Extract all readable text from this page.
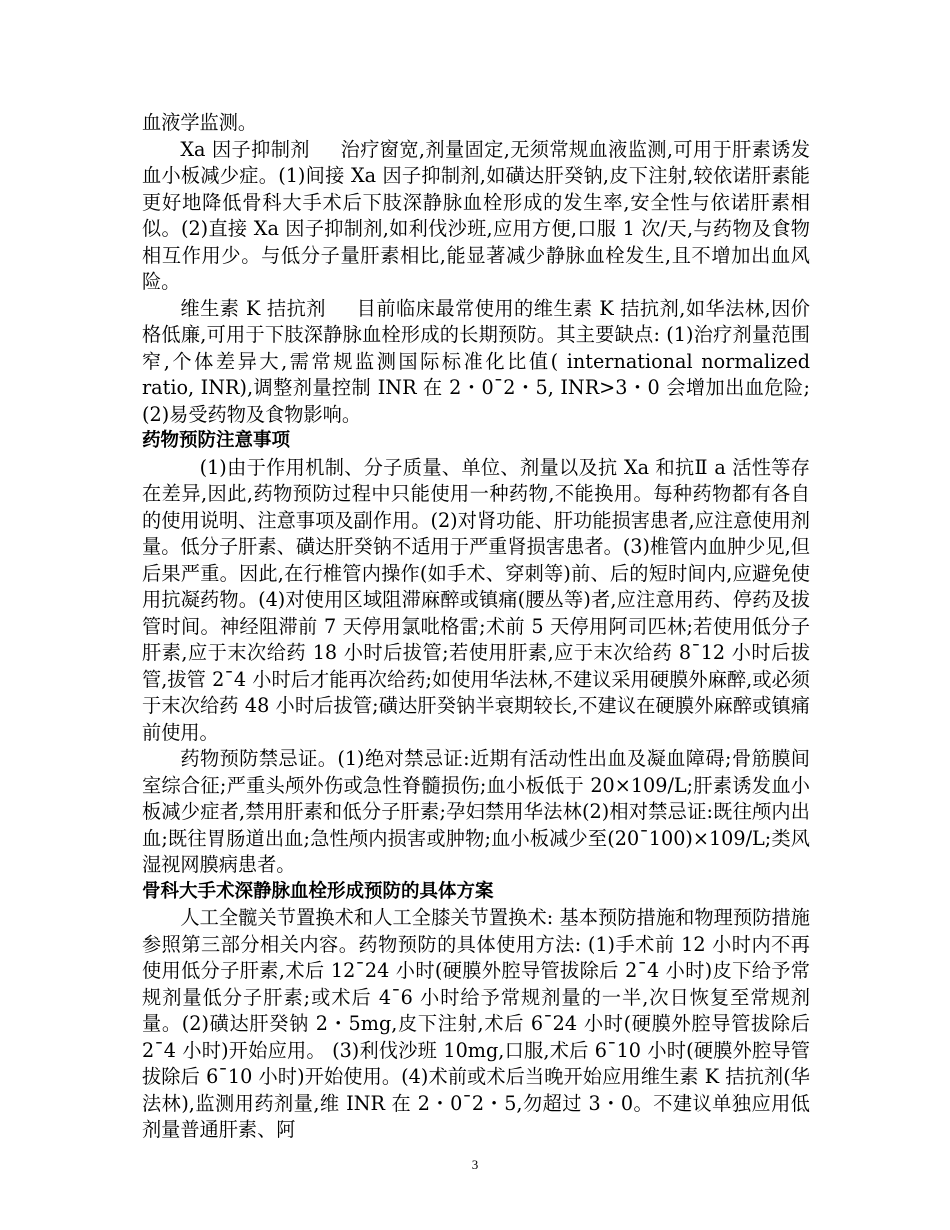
血液学监测。

Xa 因子抑制剂 治疗窗宽,剂量固定,无须常规血液监测,可用于肝素诱发血小板减少症。(1)间接 Xa 因子抑制剂,如磺达肝癸钠,皮下注射,较依诺肝素能更好地降低骨科大手术后下肢深静脉血栓形成的发生率,安全性与依诺肝素相似。(2)直接 Xa 因子抑制剂,如利伐沙班,应用方便,口服 1 次/天,与药物及食物相互作用少。与低分子量肝素相比,能显著减少静脉血栓发生,且不增加出血风险。

维生素 K 拮抗剂 目前临床最常使用的维生素 K 拮抗剂,如华法林,因价格低廉,可用于下肢深静脉血栓形成的长期预防。其主要缺点: (1)治疗剂量范围窄,个体差异大,需常规监测国际标准化比值( international normalized ratio, INR),调整剂量控制 INR 在 2・0¯2・5, INR>3・0 会增加出血危险; (2)易受药物及食物影响。

药物预防注意事项

(1)由于作用机制、分子质量、单位、剂量以及抗 Xa 和抗Ⅱ a 活性等存在差异,因此,药物预防过程中只能使用一种药物,不能换用。每种药物都有各自的使用说明、注意事项及副作用。(2)对肾功能、肝功能损害患者,应注意使用剂量。低分子肝素、磺达肝癸钠不适用于严重肾损害患者。(3)椎管内血肿少见,但后果严重。因此,在行椎管内操作(如手术、穿刺等)前、后的短时间内,应避免使用抗凝药物。(4)对使用区域阻滞麻醉或镇痛(腰丛等)者,应注意用药、停药及拔管时间。神经阻滞前 7 天停用氯吡格雷;术前 5 天停用阿司匹林;若使用低分子肝素,应于末次给药 18 小时后拔管;若使用肝素,应于末次给药 8¯12 小时后拔管,拔管 2¯4 小时后才能再次给药;如使用华法林,不建议采用硬膜外麻醉,或必须于末次给药 48 小时后拔管;磺达肝癸钠半衰期较长,不建议在硬膜外麻醉或镇痛前使用。

药物预防禁忌证。(1)绝对禁忌证:近期有活动性出血及凝血障碍;骨筋膜间室综合征;严重头颅外伤或急性脊髓损伤;血小板低于 20×109/L;肝素诱发血小板减少症者,禁用肝素和低分子肝素;孕妇禁用华法林(2)相对禁忌证:既往颅内出血;既往胃肠道出血;急性颅内损害或肿物;血小板减少至(20¯100)×109/L;类风湿视网膜病患者。

骨科大手术深静脉血栓形成预防的具体方案

人工全髋关节置换术和人工全膝关节置换术: 基本预防措施和物理预防措施参照第三部分相关内容。药物预防的具体使用方法: (1)手术前 12 小时内不再使用低分子肝素,术后 12¯24 小时(硬膜外腔导管拔除后 2¯4 小时)皮下给予常规剂量低分子肝素;或术后 4¯6 小时给予常规剂量的一半,次日恢复至常规剂量。(2)磺达肝癸钠 2・5mg,皮下注射,术后 6¯24 小时(硬膜外腔导管拔除后 2¯4 小时)开始应用。 (3)利伐沙班 10mg,口服,术后 6¯10 小时(硬膜外腔导管拔除后 6¯10 小时)开始使用。(4)术前或术后当晚开始应用维生素 K 拮抗剂(华法林),监测用药剂量,维 INR 在 2・0¯2・5,勿超过 3・0。不建议单独应用低剂量普通肝素、阿

3
